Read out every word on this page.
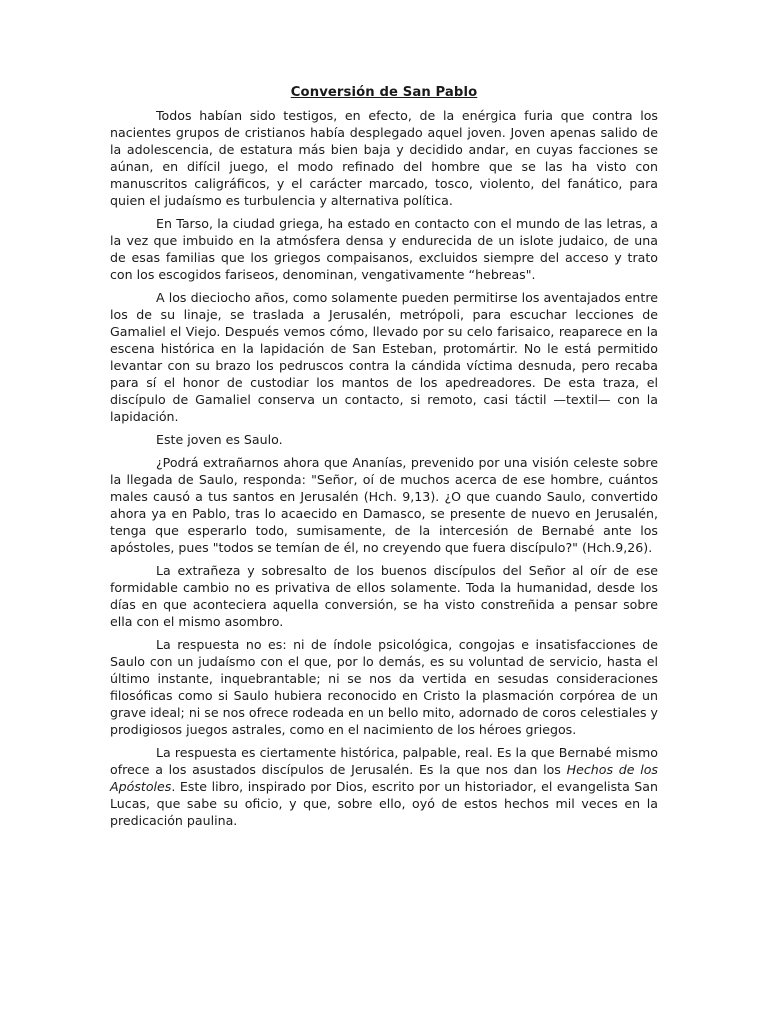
Conversión de San Pablo

Todos habían sido testigos, en efecto, de la enérgica furia que contra los nacientes grupos de cristianos había desplegado aquel joven. Joven apenas salido de la adolescencia, de estatura más bien baja y decidido andar, en cuyas facciones se aúnan, en difícil juego, el modo refinado del hombre que se las ha visto con manuscritos caligráficos, y el carácter marcado, tosco, violento, del fanático, para quien el judaísmo es turbulencia y alternativa política.

En Tarso, la ciudad griega, ha estado en contacto con el mundo de las letras, a la vez que imbuido en la atmósfera densa y endurecida de un islote judaico, de una de esas familias que los griegos compaisanos, excluidos siempre del acceso y trato con los escogidos fariseos, denominan, vengativamente “hebreas".

A los dieciocho años, como solamente pueden permitirse los aventajados entre los de su linaje, se traslada a Jerusalén, metrópoli, para escuchar lecciones de Gamaliel el Viejo. Después vemos cómo, llevado por su celo farisaico, reaparece en la escena histórica en la lapidación de San Esteban, protomártir. No le está permitido levantar con su brazo los pedruscos contra la cándida víctima desnuda, pero recaba para sí el honor de custodiar los mantos de los apedreadores. De esta traza, el discípulo de Gamaliel conserva un contacto, si remoto, casi táctil —textil— con la lapidación.

Este joven es Saulo.

¿Podrá extrañarnos ahora que Ananías, prevenido por una visión celeste sobre la llegada de Saulo, responda: "Señor, oí de muchos acerca de ese hombre, cuántos males causó a tus santos en Jerusalén (Hch. 9,13). ¿O que cuando Saulo, convertido ahora ya en Pablo, tras lo acaecido en Damasco, se presente de nuevo en Jerusalén, tenga que esperarlo todo, sumisamente, de la intercesión de Bernabé ante los apóstoles, pues "todos se temían de él, no creyendo que fuera discípulo?" (Hch.9,26).

La extrañeza y sobresalto de los buenos discípulos del Señor al oír de ese formidable cambio no es privativa de ellos solamente. Toda la humanidad, desde los días en que aconteciera aquella conversión, se ha visto constreñida a pensar sobre ella con el mismo asombro.

La respuesta no es: ni de índole psicológica, congojas e insatisfacciones de Saulo con un judaísmo con el que, por lo demás, es su voluntad de servicio, hasta el último instante, inquebrantable; ni se nos da vertida en sesudas consideraciones filosóficas como si Saulo hubiera reconocido en Cristo la plasmación corpórea de un grave ideal; ni se nos ofrece rodeada en un bello mito, adornado de coros celestiales y prodigiosos juegos astrales, como en el nacimiento de los héroes griegos.

La respuesta es ciertamente histórica, palpable, real. Es la que Bernabé mismo ofrece a los asustados discípulos de Jerusalén. Es la que nos dan los Hechos de los Apóstoles. Este libro, inspirado por Dios, escrito por un historiador, el evangelista San Lucas, que sabe su oficio, y que, sobre ello, oyó de estos hechos mil veces en la predicación paulina.
